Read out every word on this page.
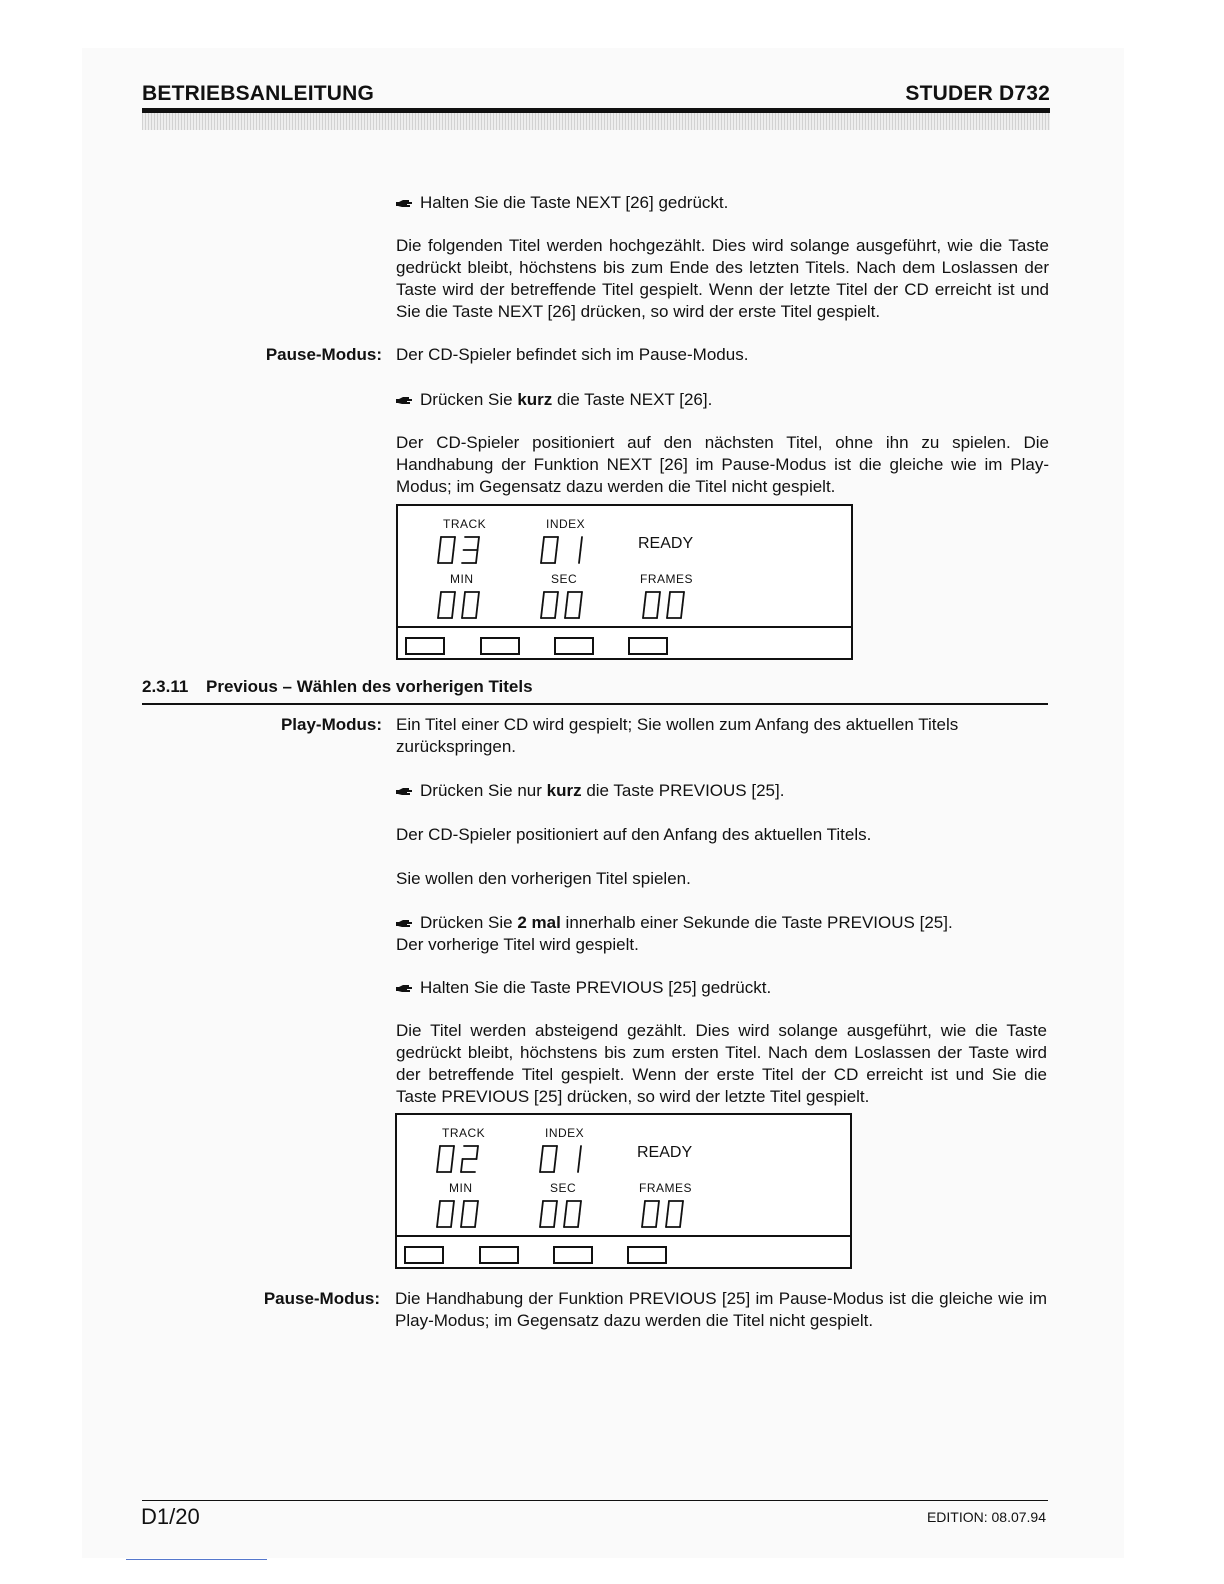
BETRIEBSANLEITUNG	STUDER D732
Halten Sie die Taste NEXT [26] gedrückt.

Die folgenden Titel werden hochgezählt. Dies wird solange ausgeführt, wie die Taste gedrückt bleibt, höchstens bis zum Ende des letzten Titels. Nach dem Loslassen der Taste wird der betreffende Titel gespielt. Wenn der letzte Titel der CD erreicht ist und Sie die Taste NEXT [26] drücken, so wird der erste Titel gespielt.

Pause-Modus: Der CD-Spieler befindet sich im Pause-Modus.
Drücken Sie kurz die Taste NEXT [26].

Der CD-Spieler positioniert auf den nächsten Titel, ohne ihn zu spielen. Die Handhabung der Funktion NEXT [26] im Pause-Modus ist die gleiche wie im Play-Modus; im Gegensatz dazu werden die Titel nicht gespielt.

TRACK	INDEX
READY
MIN	SEC	FRAMES
2.3.11 Previous – Wählen des vorherigen Titels
Play-Modus: Ein Titel einer CD wird gespielt; Sie wollen zum Anfang des aktuellen Titels zurückspringen.

Drücken Sie nur kurz die Taste PREVIOUS [25].
Der CD-Spieler positioniert auf den Anfang des aktuellen Titels.
Sie wollen den vorherigen Titel spielen.
Drücken Sie 2 mal innerhalb einer Sekunde die Taste PREVIOUS [25].
Der vorherige Titel wird gespielt.
Halten Sie die Taste PREVIOUS [25] gedrückt.

Die Titel werden absteigend gezählt. Dies wird solange ausgeführt, wie die Taste gedrückt bleibt, höchstens bis zum ersten Titel. Nach dem Loslassen der Taste wird der betreffende Titel gespielt. Wenn der erste Titel der CD erreicht ist und Sie die Taste PREVIOUS [25] drücken, so wird der letzte Titel gespielt.

TRACK	INDEX
READY
MIN	SEC	FRAMES
Pause-Modus: Die Handhabung der Funktion PREVIOUS [25] im Pause-Modus ist die gleiche wie im Play-Modus; im Gegensatz dazu werden die Titel nicht gespielt.

D1/20	EDITION: 08.07.94
